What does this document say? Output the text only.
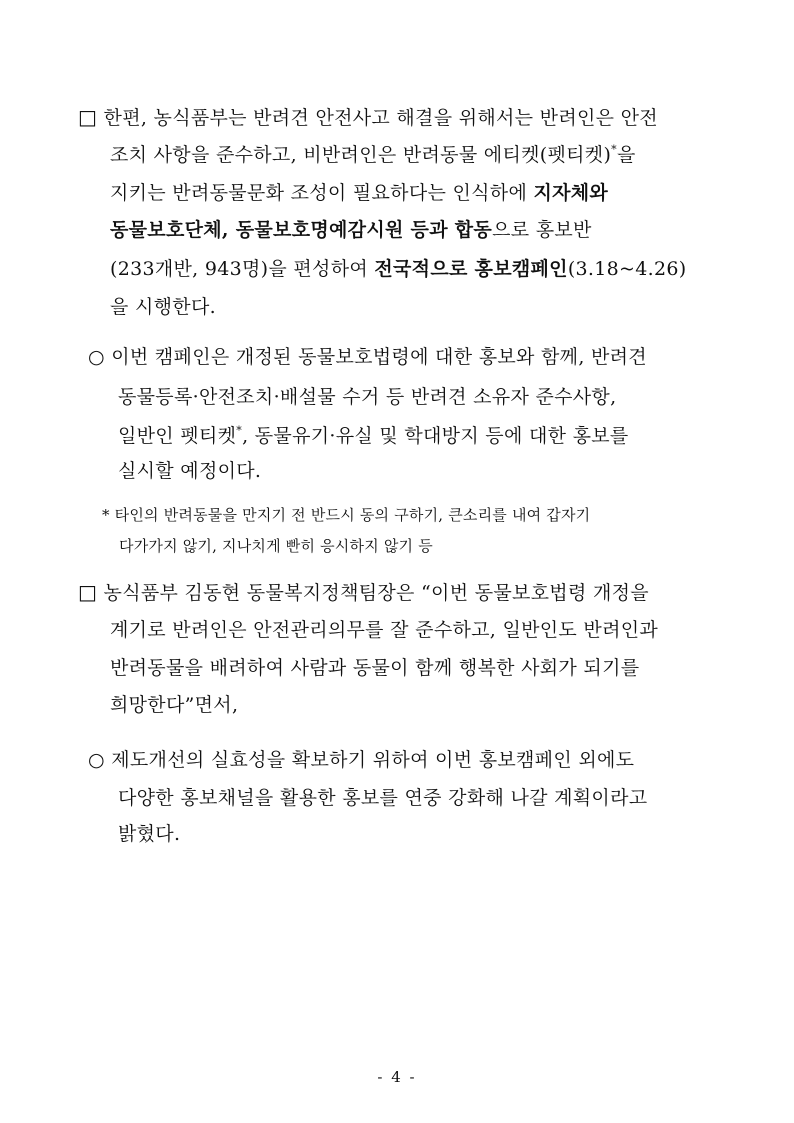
□ 한편, 농식품부는 반려견 안전사고 해결을 위해서는 반려인은 안전
조치 사항을 준수하고, 비반려인은 반려동물 에티켓(펫티켓)*을
지키는 반려동물문화 조성이 필요하다는 인식하에 지자체와
동물보호단체, 동물보호명예감시원 등과 합동으로 홍보반
(233개반, 943명)을 편성하여 전국적으로 홍보캠페인(3.18~4.26)
을 시행한다.
○ 이번 캠페인은 개정된 동물보호법령에 대한 홍보와 함께, 반려견
동물등록·안전조치·배설물 수거 등 반려견 소유자 준수사항,
일반인 펫티켓*, 동물유기·유실 및 학대방지 등에 대한 홍보를
실시할 예정이다.
* 타인의 반려동물을 만지기 전 반드시 동의 구하기, 큰소리를 내여 갑자기
다가가지 않기, 지나치게 빤히 응시하지 않기 등
□ 농식품부 김동현 동물복지정책팀장은 “이번 동물보호법령 개정을
계기로 반려인은 안전관리의무를 잘 준수하고, 일반인도 반려인과
반려동물을 배려하여 사람과 동물이 함께 행복한 사회가 되기를
희망한다”면서,
○ 제도개선의 실효성을 확보하기 위하여 이번 홍보캠페인 외에도
다양한 홍보채널을 활용한 홍보를 연중 강화해 나갈 계획이라고
밝혔다.
- 4 -
